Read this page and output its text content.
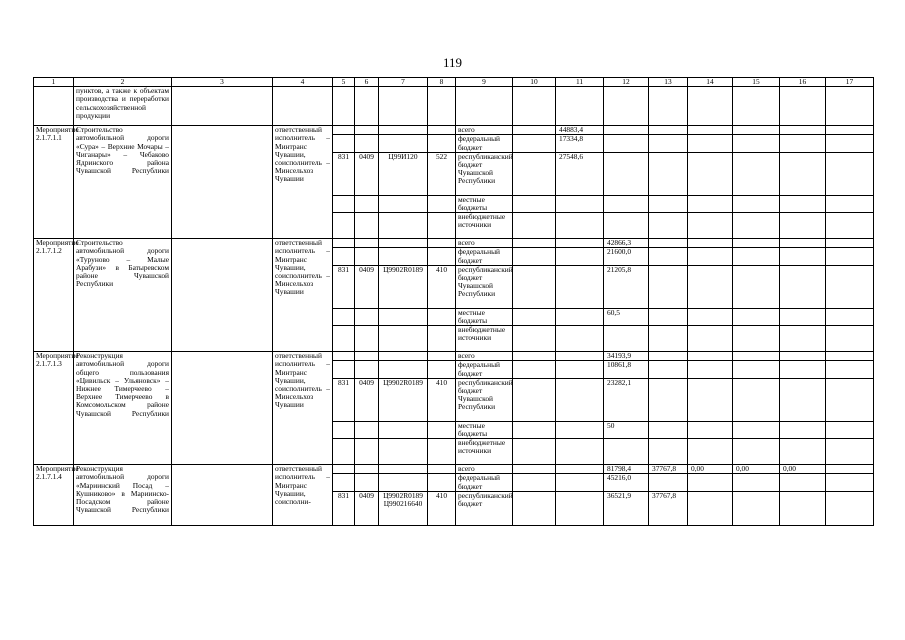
119
1	2	3	4	5	6	7	8	9	10	11	12	13	14	15	16	17
	пунктов, а также к объектам производства и переработки сельскохозяйственной продукции															
Мероприятие 2.1.7.1.1	Строительство автомобильной дороги «Сура» – Верхние Мочары – Чиганары» – Чебаково Ядринского района Чувашской Республики		ответственный исполнитель – Минтранс Чувашии, соисполнитель – Минсельхоз Чувашии					всего		44883,4						
								федеральный бюджет		17334,8						
				831	0409	Ц99И120	522	республиканский бюджет Чувашской Республики		27548,6						
								местные бюджеты								
								внебюджетные источники								
Мероприятие 2.1.7.1.2	Строительство автомобильной дороги «Туруново – Малые Арабузи» в Батыревском районе Чувашской Республики		ответственный исполнитель – Минтранс Чувашии, соисполнитель – Минсельхоз Чувашии					всего			42866,3					
								федеральный бюджет			21600,0					
				831	0409	Ц9902R0189	410	республиканский бюджет Чувашской Республики			21205,8					
								местные бюджеты			60,5					
								внебюджетные источники								
Мероприятие 2.1.7.1.3	Реконструкция автомобильной дороги общего пользования «Цивильск – Ульяновск» – Нижнее Тимерчеево – Верхнее Тимерчеево в Комсомольском районе Чувашской Республики		ответственный исполнитель – Минтранс Чувашии, соисполнитель – Минсельхоз Чувашии					всего			34193,9					
								федеральный бюджет			10861,8					
				831	0409	Ц9902R0189	410	республиканский бюджет Чувашской Республики			23282,1					
								местные бюджеты			50					
								внебюджетные источники								
Мероприятие 2.1.7.1.4	Реконструкция автомобильной дороги «Мариинский Посад – Кушниково» в Мариинско-Посадском районе Чувашской Республики		ответственный исполнитель – Минтранс Чувашии, соисполни-					всего			81798,4	37767,8	0,00	0,00	0,00	
								федеральный бюджет			45216,0					
				831	0409	Ц9902R0189 Ц990216640	410	республиканский бюджет			36521,9	37767,8				
